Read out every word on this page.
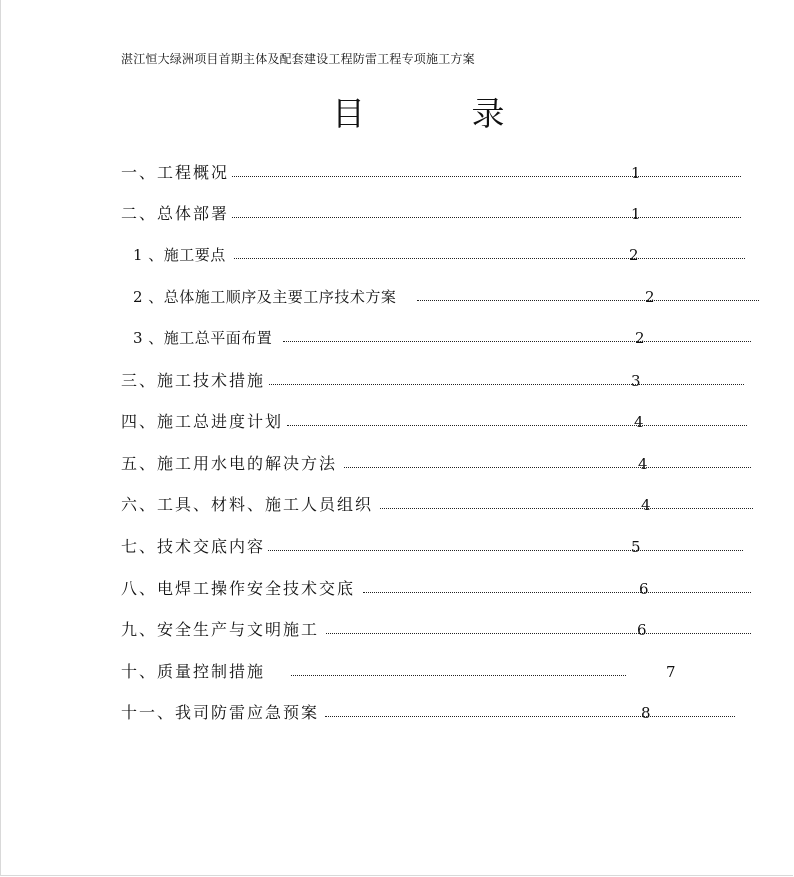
湛江恒大绿洲项目首期主体及配套建设工程防雷工程专项施工方案
目 录
一、工程概况	1
二、总体部署	1
1 、施工要点	2
2 、总体施工顺序及主要工序技术方案	2
3 、施工总平面布置	2
三、施工技术措施	3
四、施工总进度计划	4
五、施工用水电的解决方法	4
六、工具、材料、施工人员组织	4
七、技术交底内容	5
八、电焊工操作安全技术交底	6
九、安全生产与文明施工	6
十、质量控制措施	7
十一、我司防雷应急预案	8
